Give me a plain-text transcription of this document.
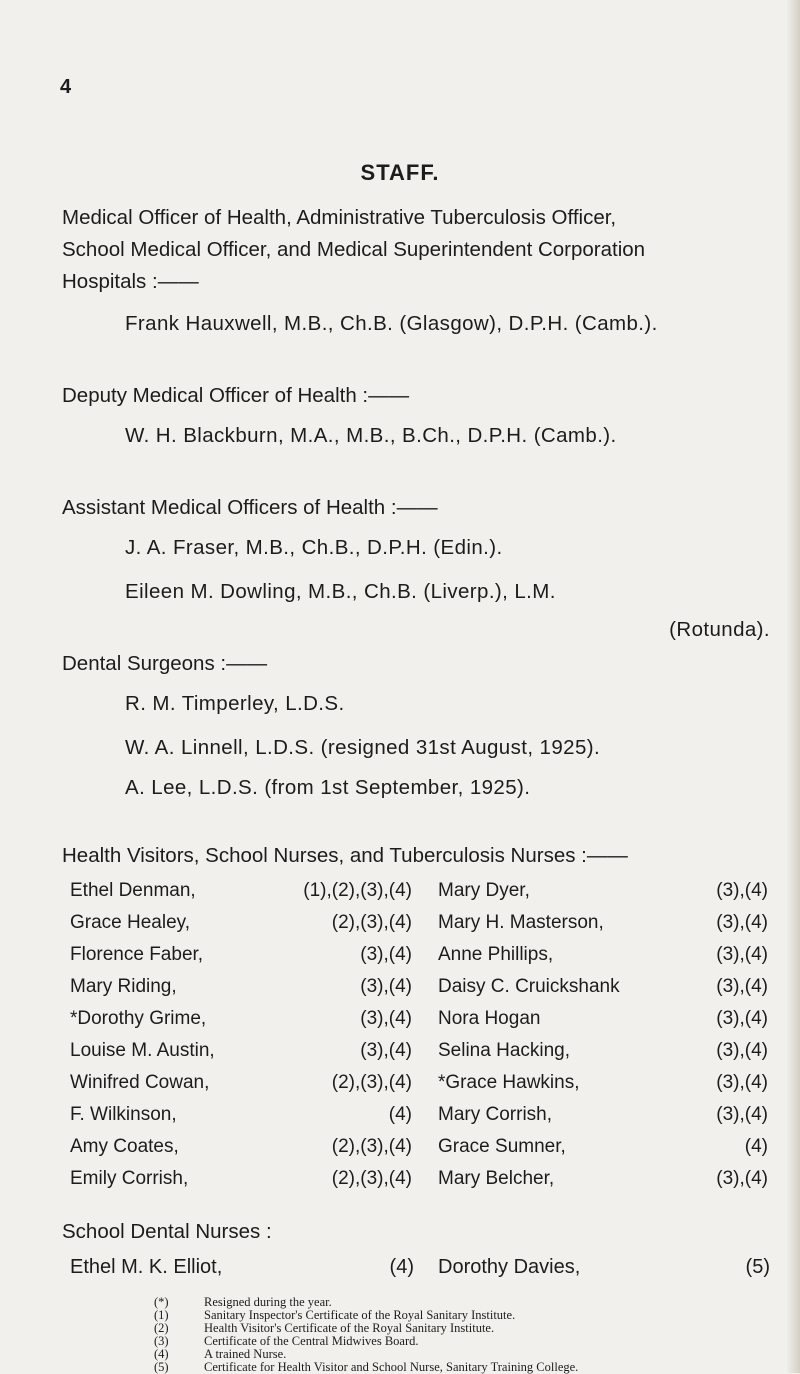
4
STAFF.
Medical Officer of Health, Administrative Tuberculosis Officer,
School Medical Officer, and Medical Superintendent Corporation
Hospitals :——
Frank Hauxwell, M.B., Ch.B. (Glasgow), D.P.H. (Camb.).
Deputy Medical Officer of Health :——
W. H. Blackburn, M.A., M.B., B.Ch., D.P.H. (Camb.).
Assistant Medical Officers of Health :——
J. A. Fraser, M.B., Ch.B., D.P.H. (Edin.).
Eileen M. Dowling, M.B., Ch.B. (Liverp.), L.M.
(Rotunda).
Dental Surgeons :——
R. M. Timperley, L.D.S.
W. A. Linnell, L.D.S. (resigned 31st August, 1925).
A. Lee, L.D.S. (from 1st September, 1925).
Health Visitors, School Nurses, and Tuberculosis Nurses :——
Ethel Denman,	(1),(2),(3),(4) Mary Dyer,	(3),(4)
Grace Healey,	(2),(3),(4) Mary H. Masterson,	(3),(4)
Florence Faber,	(3),(4) Anne Phillips,	(3),(4)
Mary Riding,	(3),(4) Daisy C. Cruickshank	(3),(4)
*Dorothy Grime,	(3),(4) Nora Hogan	(3),(4)
Louise M. Austin,	(3),(4) Selina Hacking,	(3),(4)
Winifred Cowan,	(2),(3),(4) *Grace Hawkins,	(3),(4)
F. Wilkinson,	(4) Mary Corrish,	(3),(4)
Amy Coates,	(2),(3),(4) Grace Sumner,	(4)
Emily Corrish,	(2),(3),(4) Mary Belcher,	(3),(4)
School Dental Nurses :
Ethel M. K. Elliot,	(4) Dorothy Davies,	(5)
(*)	Resigned during the year.
(1)	Sanitary Inspector's Certificate of the Royal Sanitary Institute.
(2)	Health Visitor's Certificate of the Royal Sanitary Institute.
(3)	Certificate of the Central Midwives Board.
(4)	A trained Nurse.
(5)	Certificate for Health Visitor and School Nurse, Sanitary Training College.
